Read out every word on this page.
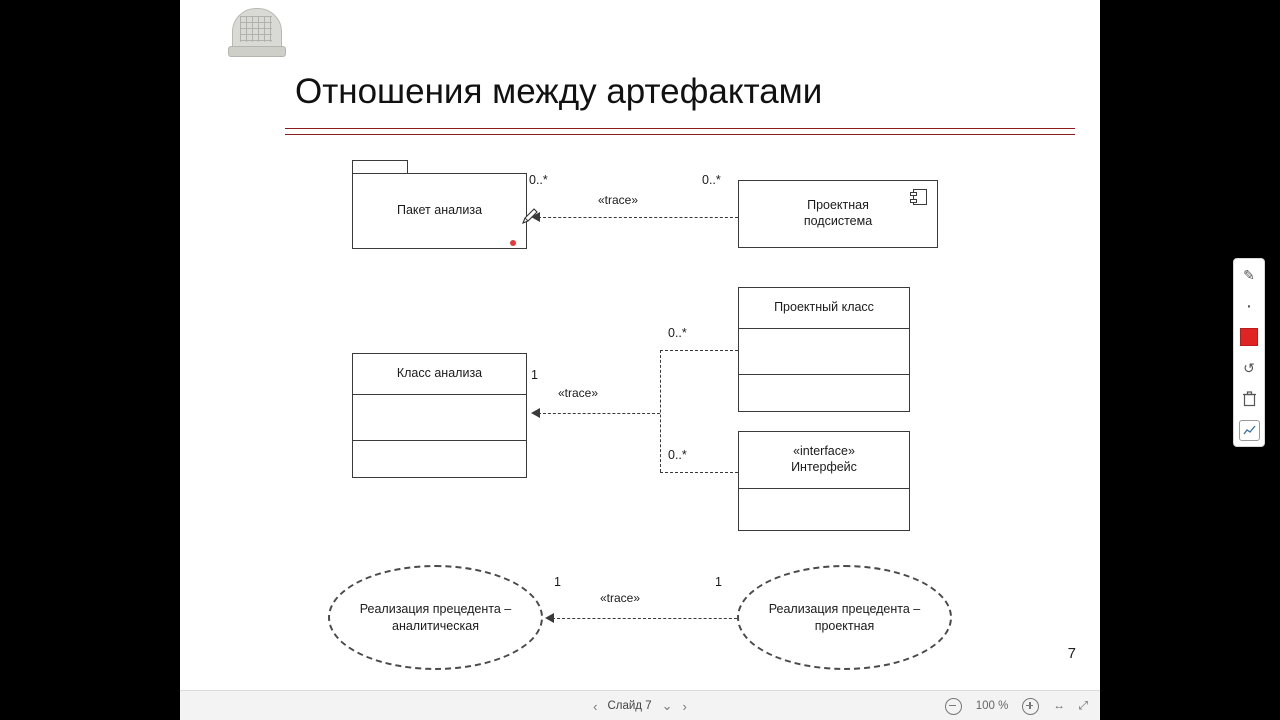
Отношения между артефактами
Пакет анализа
0..*
«trace»
0..*
Проектная
подсистема
Класс анализа	1
«trace»
0..*
0..*
Проектный класс
«interface»
Интерфейс
Реализация прецедента –
аналитическая
1
«trace»
1
Реализация прецедента –
проектная
7
‹ Слайд 7 ⌄ ›	100 %	↔ ⤢
✎
·
↺
